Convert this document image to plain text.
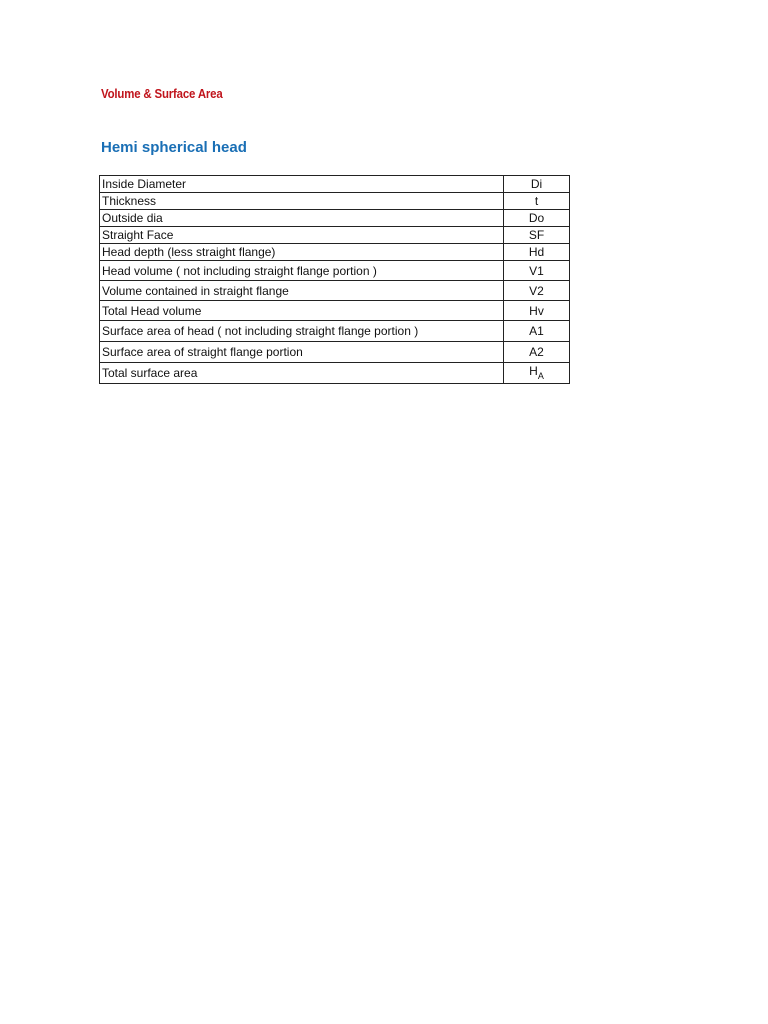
Volume & Surface Area
Hemi spherical head
Inside Diameter	Di
Thickness	t
Outside dia	Do
Straight Face	SF
Head depth (less straight flange)	Hd
Head volume ( not including straight flange portion )	V1
Volume contained in straight flange	V2
Total Head volume	Hv
Surface area of head ( not including straight flange portion )	A1
Surface area of straight flange portion	A2
Total surface area	$H_A$
